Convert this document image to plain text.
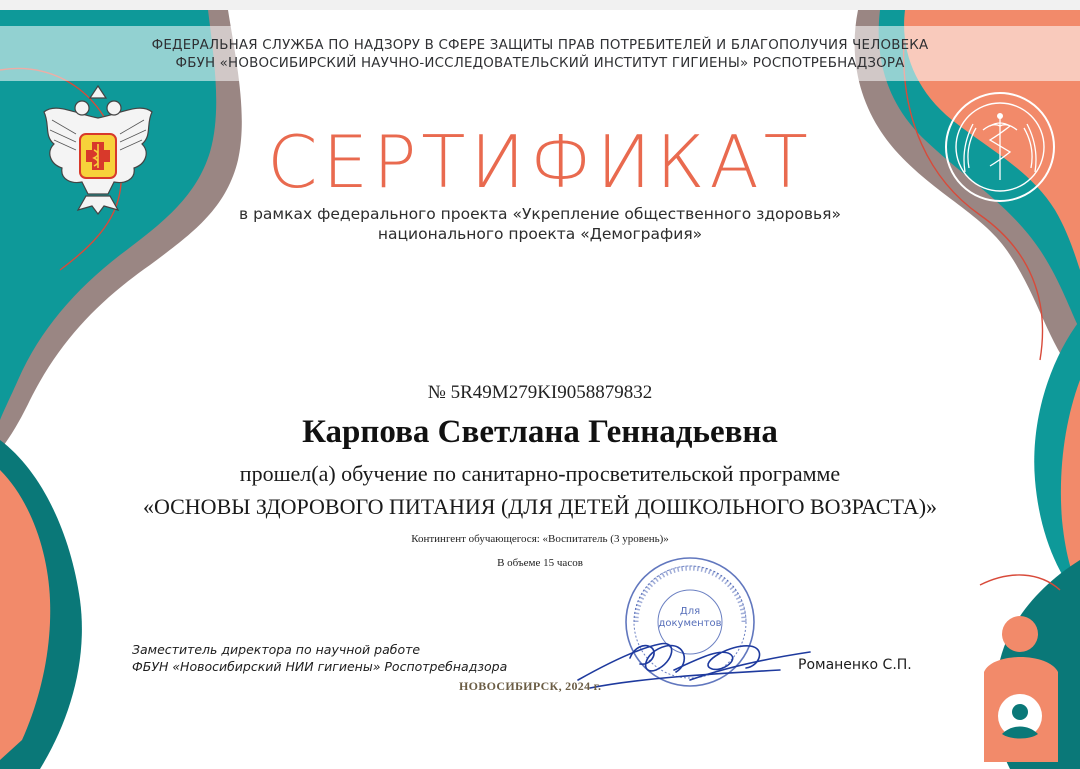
ФЕДЕРАЛЬНАЯ СЛУЖБА ПО НАДЗОРУ В СФЕРЕ ЗАЩИТЫ ПРАВ ПОТРЕБИТЕЛЕЙ И БЛАГОПОЛУЧИЯ ЧЕЛОВЕКА
ФБУН «НОВОСИБИРСКИЙ НАУЧНО-ИССЛЕДОВАТЕЛЬСКИЙ ИНСТИТУТ ГИГИЕНЫ» РОСПОТРЕБНАДЗОРА
СЕРТИФИКАТ
в рамках федерального проекта «Укрепление общественного здоровья»
национального проекта «Демография»
№ 5R49M279KI9058879832
Карпова Светлана Геннадьевна
прошел(а) обучение по санитарно-просветительской программе
«ОСНОВЫ ЗДОРОВОГО ПИТАНИЯ (ДЛЯ ДЕТЕЙ ДОШКОЛЬНОГО ВОЗРАСТА)»
Контингент обучающегося: «Воспитатель (3 уровень)»
В объеме 15 часов
Для
документов
Заместитель директора по научной работе
ФБУН «Новосибирский НИИ гигиены» Роспотребнадзора	Романенко С.П.
НОВОСИБИРСК, 2024 г.
